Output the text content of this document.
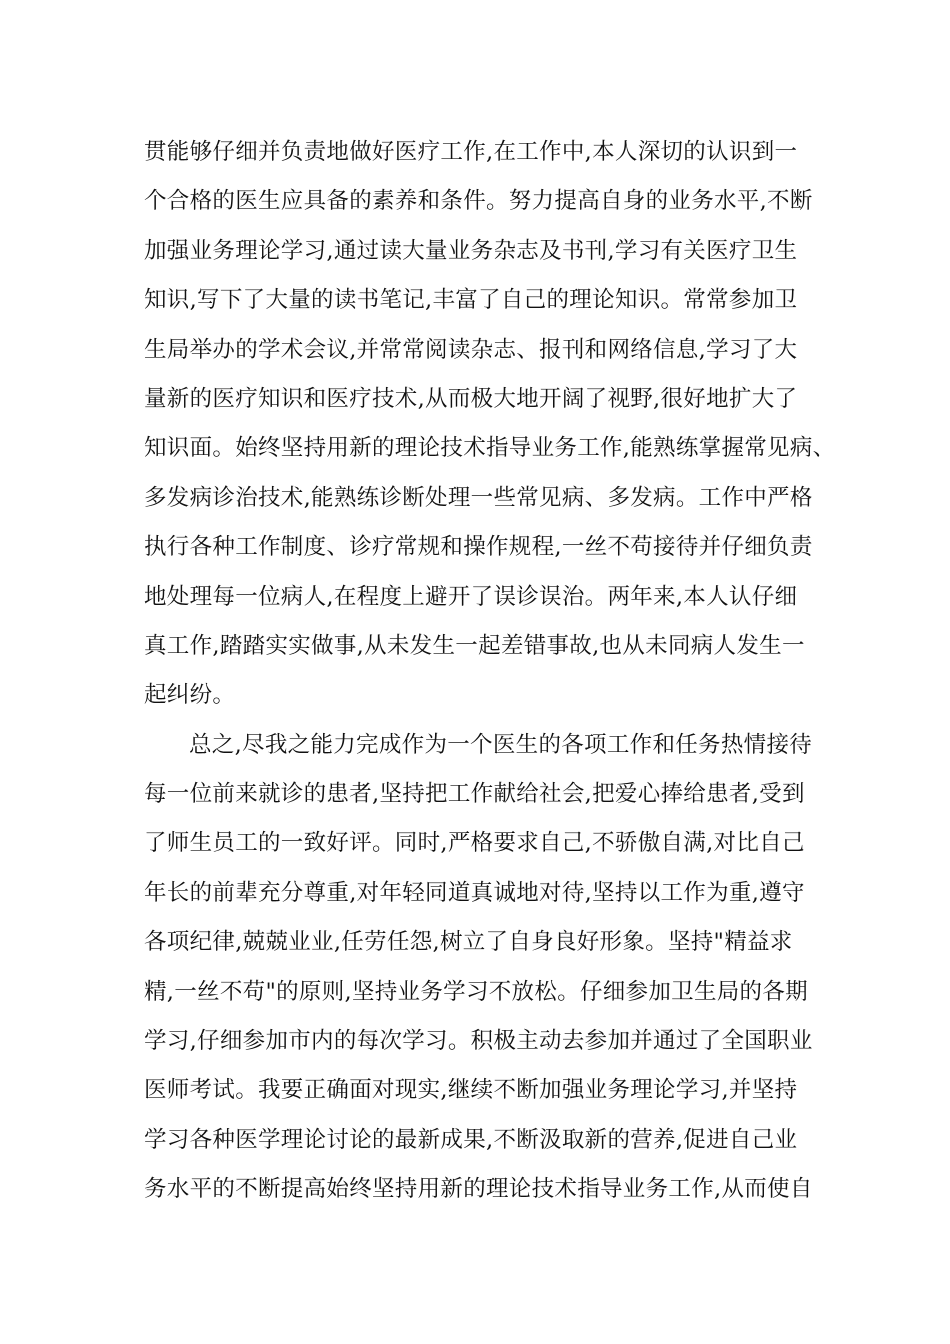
贯能够仔细并负责地做好医疗工作,在工作中,本人深切的认识到一
个合格的医生应具备的素养和条件。努力提高自身的业务水平,不断
加强业务理论学习,通过读大量业务杂志及书刊,学习有关医疗卫生
知识,写下了大量的读书笔记,丰富了自己的理论知识。常常参加卫
生局举办的学术会议,并常常阅读杂志、报刊和网络信息,学习了大
量新的医疗知识和医疗技术,从而极大地开阔了视野,很好地扩大了
知识面。始终坚持用新的理论技术指导业务工作,能熟练掌握常见病、
多发病诊治技术,能熟练诊断处理一些常见病、多发病。工作中严格
执行各种工作制度、诊疗常规和操作规程,一丝不苟接待并仔细负责
地处理每一位病人,在程度上避开了误诊误治。两年来,本人认仔细
真工作,踏踏实实做事,从未发生一起差错事故,也从未同病人发生一
起纠纷。
总之,尽我之能力完成作为一个医生的各项工作和任务热情接待
每一位前来就诊的患者,坚持把工作献给社会,把爱心捧给患者,受到
了师生员工的一致好评。同时,严格要求自己,不骄傲自满,对比自己
年长的前辈充分尊重,对年轻同道真诚地对待,坚持以工作为重,遵守
各项纪律,兢兢业业,任劳任怨,树立了自身良好形象。坚持"精益求
精,一丝不苟"的原则,坚持业务学习不放松。仔细参加卫生局的各期
学习,仔细参加市内的每次学习。积极主动去参加并通过了全国职业
医师考试。我要正确面对现实,继续不断加强业务理论学习,并坚持
学习各种医学理论讨论的最新成果,不断汲取新的营养,促进自己业
务水平的不断提高始终坚持用新的理论技术指导业务工作,从而使自
